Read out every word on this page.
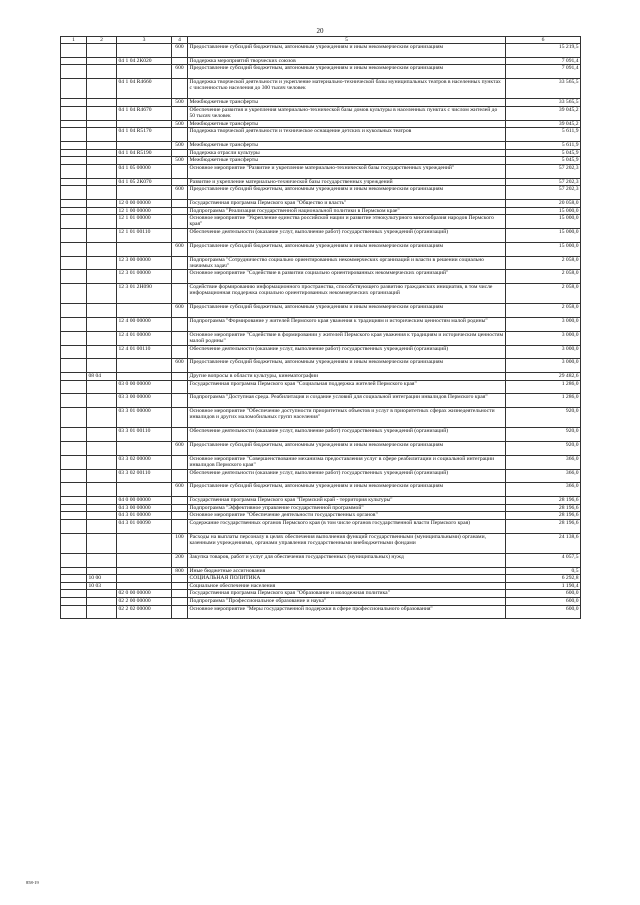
20
1	2	3	4	5	6
			600	Предоставление субсидий бюджетным, автономным учреждениям и иным некоммерческим организациям	15 219,5
		04 1 04 2К020		Поддержка мероприятий творческих союзов	7 091,4
			600	Предоставление субсидий бюджетным, автономным учреждениям и иным некоммерческим организациям	7 091,4
		04 1 04 R4660		Поддержка творческой деятельности и укрепление материально-технической базы муниципальных театров в населенных пунктах с численностью населения до 300 тысяч человек	33 565,5
			500	Межбюджетные трансферты	33 565,5
		04 1 04 R4670		Обеспечение развития и укрепления материально-технической базы домов культуры в населенных пунктах с числом жителей до 50 тысяч человек	39 045,2
			500	Межбюджетные трансферты	39 045,2
		04 1 04 R5170		Поддержка творческой деятельности и техническое оснащение детских и кукольных театров	5 611,9
			500	Межбюджетные трансферты	5 611,9
		04 1 04 R5190		Поддержка отрасли культуры	5 045,9
			500	Межбюджетные трансферты	5 045,9
		04 1 05 00000		Основное мероприятие "Развитие и укрепление материально-технической базы государственных учреждений"	57 202,3
		04 1 05 2К070		Развитие и укрепление материально-технической базы государственных учреждений	57 202,3
			600	Предоставление субсидий бюджетным, автономным учреждениям и иным некоммерческим организациям	57 202,3
		12 0 00 00000		Государственная программа Пермского края "Общество и власть"	20 058,0
		12 1 00 00000		Подпрограмма "Реализация государственной национальной политики в Пермском крае"	15 000,0
		12 1 01 00000		Основное мероприятие "Укрепление единства российской нации и развитие этнокультурного многообразия народов Пермского края"	15 000,0
		12 1 01 00110		Обеспечение деятельности (оказание услуг, выполнение работ) государственных учреждений (организаций)	15 000,0
			600	Предоставление субсидий бюджетным, автономным учреждениям и иным некоммерческим организациям	15 000,0
		12 3 00 00000		Подпрограмма "Сотрудничество социально ориентированных некоммерческих организаций и власти в решении социально значимых задач"	2 058,0
		12 3 01 00000		Основное мероприятие "Содействие в развитии социально ориентированных некоммерческих организаций"	2 058,0
		12 3 01 2Н090		Содействие формированию информационного пространства, способствующего развитию гражданских инициатив, в том числе информационная поддержка социально ориентированных некоммерческих организаций	2 058,0
			600	Предоставление субсидий бюджетным, автономным учреждениям и иным некоммерческим организациям	2 058,0
		12 4 00 00000		Подпрограмма "Формирование у жителей Пермского края уважения к традициям и историческим ценностям малой родины"	3 000,0
		12 4 01 00000		Основное мероприятие "Содействие в формировании у жителей Пермского края уважения к традициям и историческим ценностям малой родины"	3 000,0
		12 4 01 00110		Обеспечение деятельности (оказание услуг, выполнение работ) государственных учреждений (организаций)	3 000,0
			600	Предоставление субсидий бюджетным, автономным учреждениям и иным некоммерческим организациям	3 000,0
	08 04			Другие вопросы в области культуры, кинематографии	29 482,6
		03 0 00 00000		Государственная программа Пермского края "Социальная поддержка жителей Пермского края"	1 286,0
		03 3 00 00000		Подпрограмма "Доступная среда. Реабилитация и создание условий для социальной интеграции инвалидов Пермского края"	1 286,0
		03 3 01 00000		Основное мероприятие "Обеспечение доступности приоритетных объектов и услуг в приоритетных сферах жизнедеятельности инвалидов и других маломобильных групп населения"	920,0
		03 3 01 00110		Обеспечение деятельности (оказание услуг, выполнение работ) государственных учреждений (организаций)	920,0
			600	Предоставление субсидий бюджетным, автономным учреждениям и иным некоммерческим организациям	920,0
		03 3 02 00000		Основное мероприятие "Совершенствование механизма предоставления услуг в сфере реабилитации и социальной интеграции инвалидов Пермского края"	366,0
		03 3 02 00110		Обеспечение деятельности (оказание услуг, выполнение работ) государственных учреждений (организаций)	366,0
			600	Предоставление субсидий бюджетным, автономным учреждениям и иным некоммерческим организациям	366,0
		04 0 00 00000		Государственная программа Пермского края "Пермский край - территория культуры"	28 196,6
		04 3 00 00000		Подпрограмма "Эффективное управление государственной программой"	28 196,6
		04 3 01 00000		Основное мероприятие "Обеспечение деятельности государственных органов"	28 196,6
		04 3 01 00090		Содержание государственных органов Пермского края (в том числе органов государственной власти Пермского края)	28 196,6
			100	Расходы на выплаты персоналу в целях обеспечения выполнения функций государственными (муниципальными) органами, казенными учреждениями, органами управления государственными внебюджетными фондами	24 138,6
			200	Закупка товаров, работ и услуг для обеспечения государственных (муниципальных) нужд	4 057,5
			800	Иные бюджетные ассигнования	0,5
	10 00			СОЦИАЛЬНАЯ ПОЛИТИКА	6 292,8
	10 03			Социальное обеспечение населения	1 190,4
		02 0 00 00000		Государственная программа Пермского края "Образование и молодежная политика"	600,0
		02 2 00 00000		Подпрограмма "Профессиональное образование и наука"	600,0
		02 2 02 00000		Основное мероприятие "Меры государственной поддержки в сфере профессионального образования"	600,0
858-19
